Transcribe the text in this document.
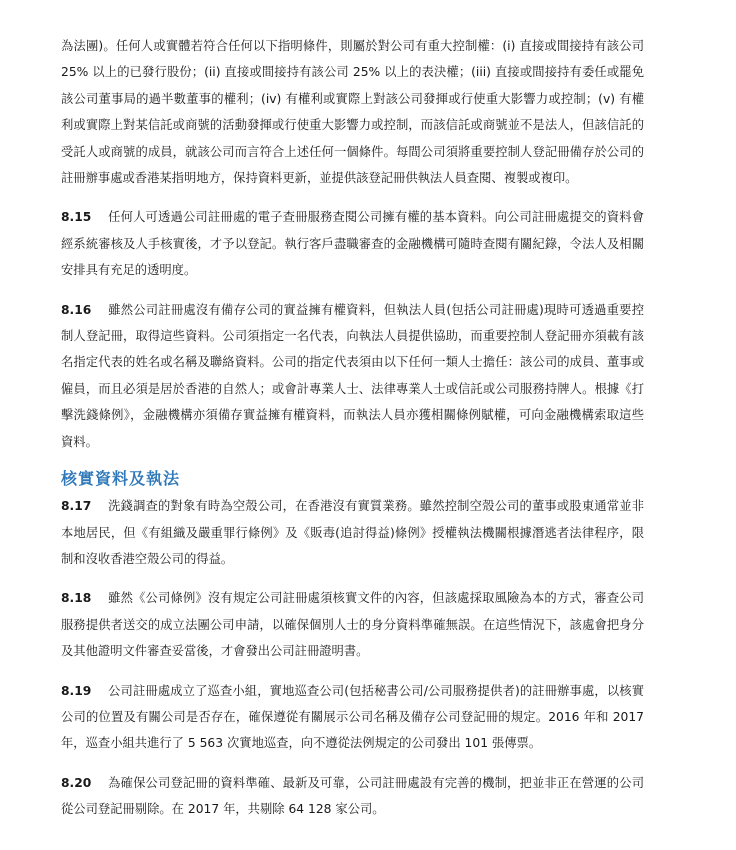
為法團)。任何人或實體若符合任何以下指明條件，則屬於對公司有重大控制權：(i) 直接或間接持有該公司 25% 以上的已發行股份；(ii) 直接或間接持有該公司 25% 以上的表決權；(iii) 直接或間接持有委任或罷免該公司董事局的過半數董事的權利；(iv) 有權利或實際上對該公司發揮或行使重大影響力或控制；(v) 有權利或實際上對某信託或商號的活動發揮或行使重大影響力或控制，而該信託或商號並不是法人，但該信託的受託人或商號的成員，就該公司而言符合上述任何一個條件。每間公司須將重要控制人登記冊備存於公司的註冊辦事處或香港某指明地方，保持資料更新，並提供該登記冊供執法人員查閱、複製或複印。

8.15 任何人可透過公司註冊處的電子查冊服務查閱公司擁有權的基本資料。向公司註冊處提交的資料會經系統審核及人手核實後，才予以登記。執行客戶盡職審查的金融機構可隨時查閱有關紀錄，令法人及相關安排具有充足的透明度。

8.16 雖然公司註冊處沒有備存公司的實益擁有權資料，但執法人員(包括公司註冊處)現時可透過重要控制人登記冊，取得這些資料。公司須指定一名代表，向執法人員提供協助，而重要控制人登記冊亦須載有該名指定代表的姓名或名稱及聯絡資料。公司的指定代表須由以下任何一類人士擔任：該公司的成員、董事或僱員，而且必須是居於香港的自然人；或會計專業人士、法律專業人士或信託或公司服務持牌人。根據《打擊洗錢條例》，金融機構亦須備存實益擁有權資料，而執法人員亦獲相關條例賦權，可向金融機構索取這些資料。

核實資料及執法

8.17 洗錢調查的對象有時為空殼公司，在香港沒有實質業務。雖然控制空殼公司的董事或股東通常並非本地居民，但《有組織及嚴重罪行條例》及《販毒(追討得益)條例》授權執法機關根據潛逃者法律程序，限制和沒收香港空殼公司的得益。

8.18 雖然《公司條例》沒有規定公司註冊處須核實文件的內容，但該處採取風險為本的方式，審查公司服務提供者送交的成立法團公司申請，以確保個別人士的身分資料準確無誤。在這些情況下，該處會把身分及其他證明文件審查妥當後，才會發出公司註冊證明書。

8.19 公司註冊處成立了巡查小組，實地巡查公司(包括秘書公司/公司服務提供者)的註冊辦事處，以核實公司的位置及有關公司是否存在，確保遵從有關展示公司名稱及備存公司登記冊的規定。2016 年和 2017 年，巡查小組共進行了 5 563 次實地巡查，向不遵從法例規定的公司發出 101 張傳票。

8.20 為確保公司登記冊的資料準確、最新及可靠，公司註冊處設有完善的機制，把並非正在營運的公司從公司登記冊剔除。在 2017 年，共剔除 64 128 家公司。
